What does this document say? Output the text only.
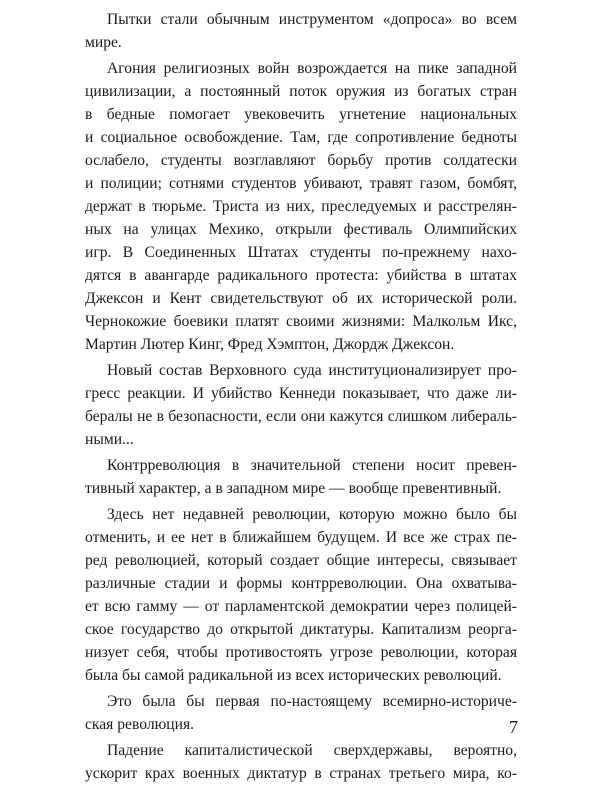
Пытки стали обычным инструментом «допроса» во всем
мире.

Агония религиозных войн возрождается на пике западной
цивилизации, а постоянный поток оружия из богатых стран
в бедные помогает увековечить угнетение национальных
и социальное освобождение. Там, где сопротивление бедноты
ослабело, студенты возглавляют борьбу против солдатески
и полиции; сотнями студентов убивают, травят газом, бомбят,
держат в тюрьме. Триста из них, преследуемых и расстрелян-
ных на улицах Мехико, открыли фестиваль Олимпийских
игр. В Соединенных Штатах студенты по-прежнему нахо-
дятся в авангарде радикального протеста: убийства в штатах
Джексон и Кент свидетельствуют об их исторической роли.
Чернокожие боевики платят своими жизнями: Малкольм Икс,
Мартин Лютер Кинг, Фред Хэмптон, Джордж Джексон.

Новый состав Верховного суда институционализирует про-
гресс реакции. И убийство Кеннеди показывает, что даже ли-
бералы не в безопасности, если они кажутся слишком либераль-
ными...

Контрреволюция в значительной степени носит превен-
тивный характер, а в западном мире — вообще превентивный.

Здесь нет недавней революции, которую можно было бы
отменить, и ее нет в ближайшем будущем. И все же страх пе-
ред революцией, который создает общие интересы, связывает
различные стадии и формы контрреволюции. Она охватыва-
ет всю гамму — от парламентской демократии через полицей-
ское государство до открытой диктатуры. Капитализм реорга-
низует себя, чтобы противостоять угрозе революции, которая
была бы самой радикальной из всех исторических революций.

Это была бы первая по-настоящему всемирно-историче-
ская революция.

Падение капиталистической сверхдержавы, вероятно,
ускорит крах военных диктатур в странах третьего мира, ко-

7
